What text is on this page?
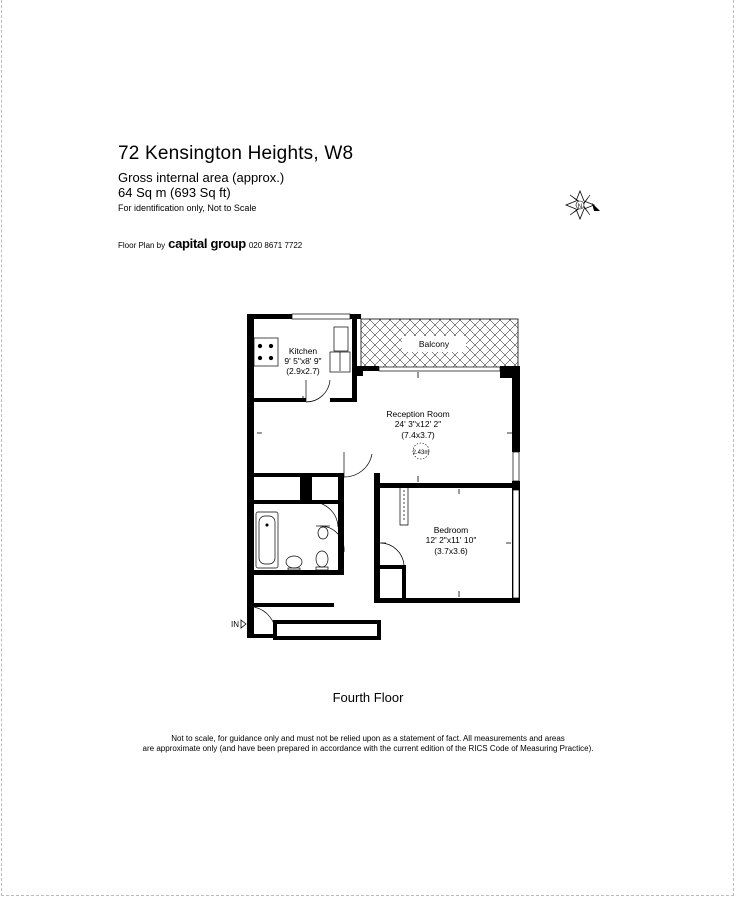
72 Kensington Heights, W8
Gross internal area (approx.)
64 Sq m (693 Sq ft)
For identification only, Not to Scale
Floor Plan by capital group 020 8671 7722
N
Balcony
Kitchen
9' 5"x8' 9"
(2.9x2.7)
Reception Room
24' 3"x12' 2"
(7.4x3.7)
2.43m
Bedroom
12' 2"x11' 10"
(3.7x3.6)
IN
Fourth Floor
Not to scale, for guidance only and must not be relied upon as a statement of fact. All measurements and areas
are approximate only (and have been prepared in accordance with the current edition of the RICS Code of Measuring Practice).
